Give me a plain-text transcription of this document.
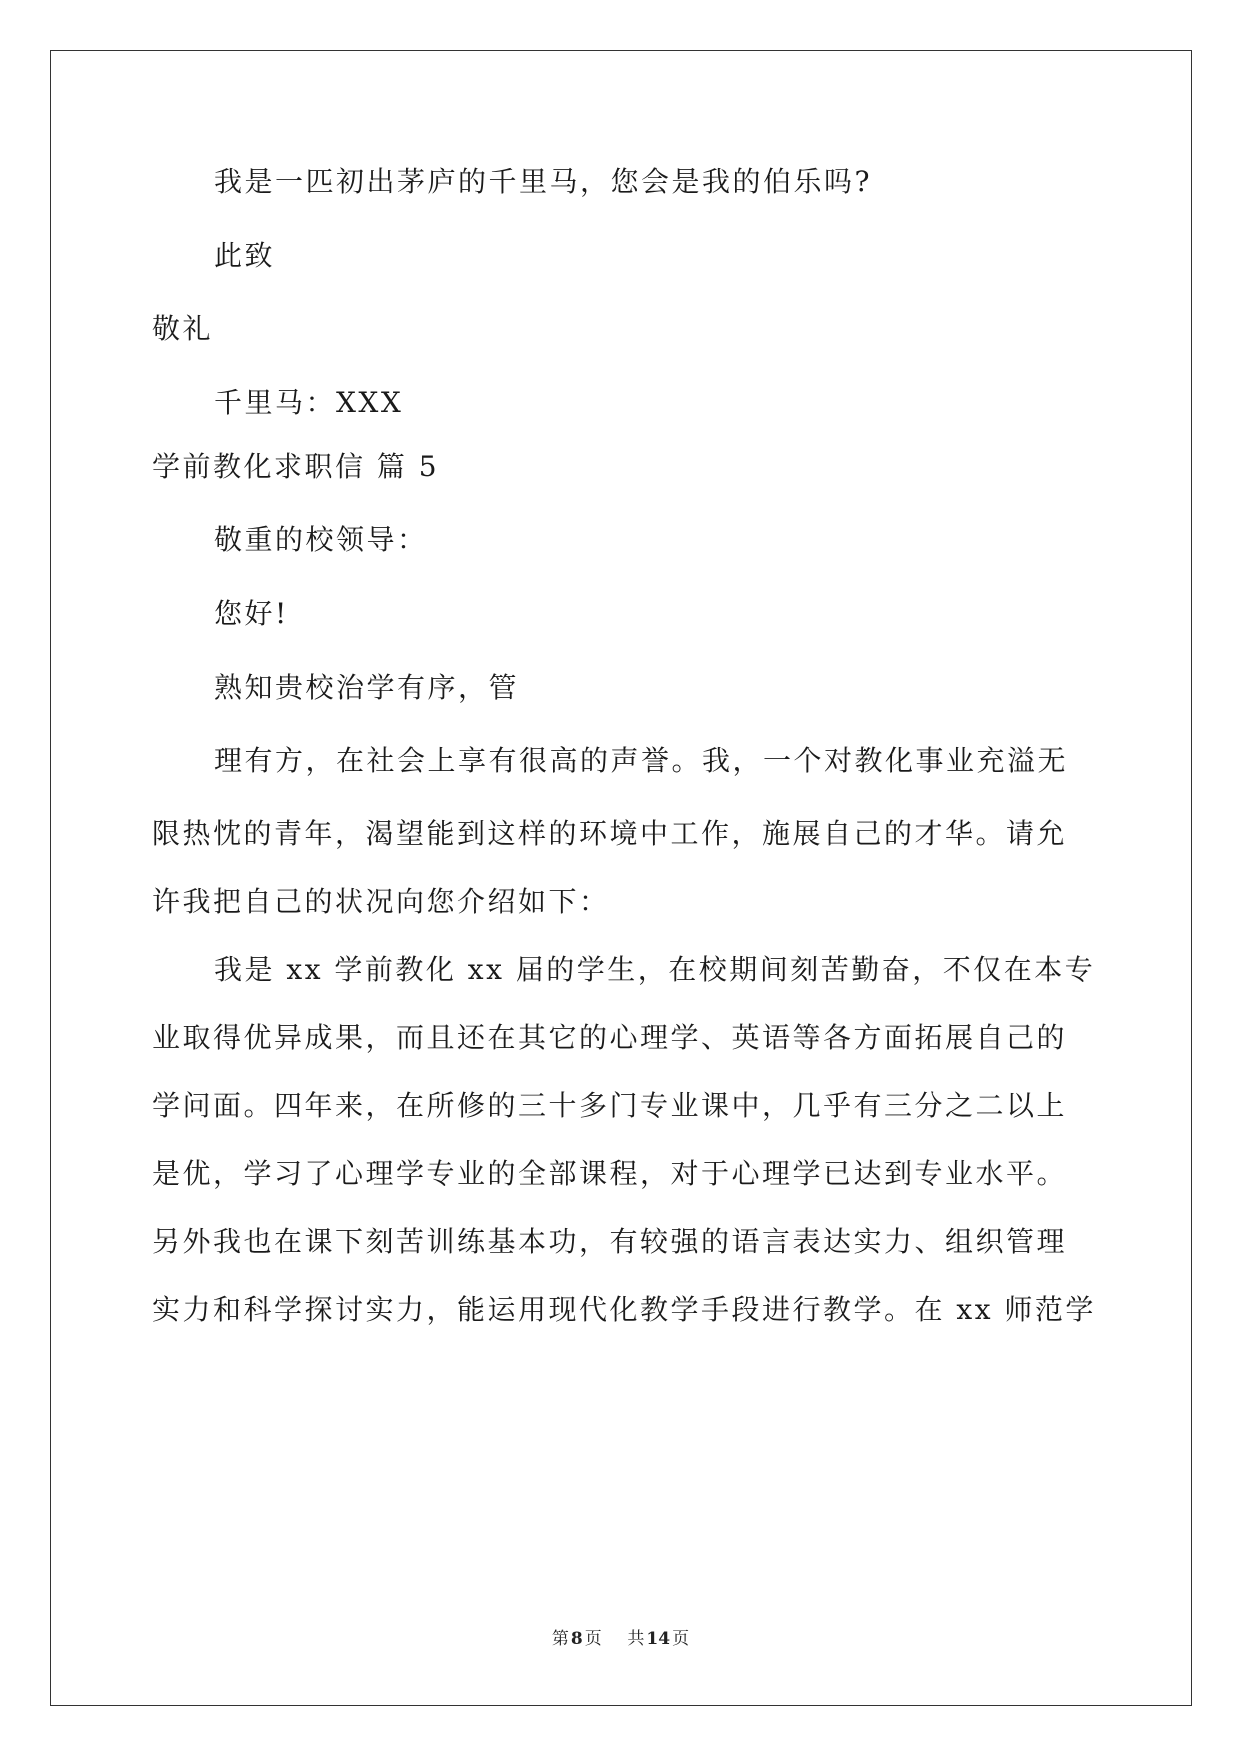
我是一匹初出茅庐的千里马，您会是我的伯乐吗?
此致
敬礼
千里马：XXX
学前教化求职信 篇 5
敬重的校领导：
您好!
熟知贵校治学有序，管
理有方，在社会上享有很高的声誉。我，一个对教化事业充溢无
限热忱的青年，渴望能到这样的环境中工作，施展自己的才华。请允
许我把自己的状况向您介绍如下：
我是 xx 学前教化 xx 届的学生，在校期间刻苦勤奋，不仅在本专
业取得优异成果，而且还在其它的心理学、英语等各方面拓展自己的
学问面。四年来，在所修的三十多门专业课中，几乎有三分之二以上
是优，学习了心理学专业的全部课程，对于心理学已达到专业水平。
另外我也在课下刻苦训练基本功，有较强的语言表达实力、组织管理
实力和科学探讨实力，能运用现代化教学手段进行教学。在 xx 师范学
第 8 页 共 14 页
